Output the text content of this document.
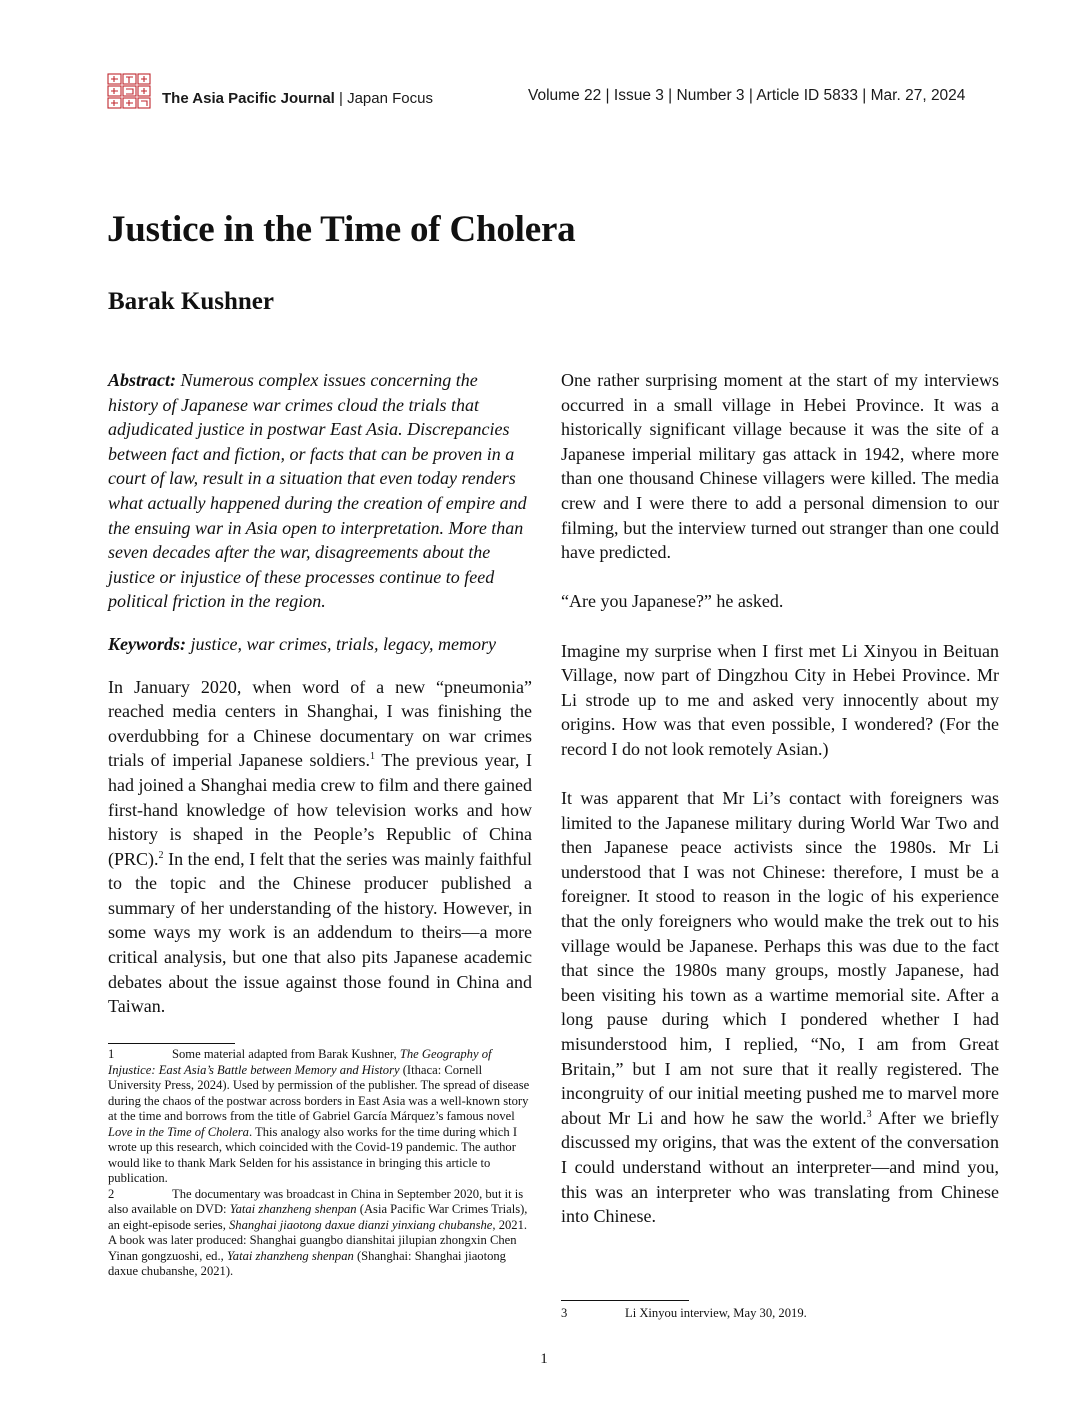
The Asia Pacific Journal | Japan Focus	Volume 22 | Issue 3 | Number 3 | Article ID 5833 | Mar. 27, 2024
Justice in the Time of Cholera
Barak Kushner

Abstract: Numerous complex issues concerning the history of Japanese war crimes cloud the trials that adjudicated justice in postwar East Asia. Discrepancies between fact and fiction, or facts that can be proven in a court of law, result in a situation that even today renders what actually happened during the creation of empire and the ensuing war in Asia open to interpretation. More than seven decades after the war, disagreements about the justice or injustice of these processes continue to feed political friction in the region.

Keywords: justice, war crimes, trials, legacy, memory

In January 2020, when word of a new “pneumonia” reached media centers in Shanghai, I was finishing the overdubbing for a Chinese documentary on war crimes trials of imperial Japanese soldiers.$^1$ The previous year, I had joined a Shanghai media crew to film and there gained first-hand knowledge of how television works and how history is shaped in the People’s Republic of China (PRC).$^2$ In the end, I felt that the series was mainly faithful to the topic and the Chinese producer published a summary of her understanding of the history. However, in some ways my work is an addendum to theirs—a more critical analysis, but one that also pits Japanese academic debates about the issue against those found in China and Taiwan.

One rather surprising moment at the start of my interviews occurred in a small village in Hebei Province. It was a historically significant village because it was the site of a Japanese imperial military gas attack in 1942, where more than one thousand Chinese villagers were killed. The media crew and I were there to add a personal dimension to our filming, but the interview turned out stranger than one could have predicted.

“Are you Japanese?” he asked.

Imagine my surprise when I first met Li Xinyou in Beituan Village, now part of Dingzhou City in Hebei Province. Mr Li strode up to me and asked very innocently about my origins. How was that even possible, I wondered? (For the record I do not look remotely Asian.)

It was apparent that Mr Li’s contact with foreigners was limited to the Japanese military during World War Two and then Japanese peace activists since the 1980s. Mr Li understood that I was not Chinese: therefore, I must be a foreigner. It stood to reason in the logic of his experience that the only foreigners who would make the trek out to his village would be Japanese. Perhaps this was due to the fact that since the 1980s many groups, mostly Japanese, had been visiting his town as a wartime memorial site. After a long pause during which I pondered whether I had misunderstood him, I replied, “No, I am from Great Britain,” but I am not sure that it really registered. The incongruity of our initial meeting pushed me to marvel more about Mr Li and how he saw the world.$^3$ After we briefly discussed my origins, that was the extent of the conversation I could understand without an interpreter—and mind you, this was an interpreter who was translating from Chinese into Chinese.

1	Some material adapted from Barak Kushner, The Geography of Injustice: East Asia’s Battle between Memory and History (Ithaca: Cornell University Press, 2024). Used by permission of the publisher. The spread of disease during the chaos of the postwar across borders in East Asia was a well-known story at the time and borrows from the title of Gabriel García Márquez’s famous novel Love in the Time of Cholera. This analogy also works for the time during which I wrote up this research, which coincided with the Covid-19 pandemic. The author would like to thank Mark Selden for his assistance in bringing this article to publication.

2	The documentary was broadcast in China in September 2020, but it is also available on DVD: Yatai zhanzheng shenpan (Asia Pacific War Crimes Trials), an eight-episode series, Shanghai jiaotong daxue dianzi yinxiang chubanshe, 2021. A book was later produced: Shanghai guangbo dianshitai jilupian zhongxin Chen Yinan gongzuoshi, ed., Yatai zhanzheng shenpan (Shanghai: Shanghai jiaotong daxue chubanshe, 2021).

3	Li Xinyou interview, May 30, 2019.

1
